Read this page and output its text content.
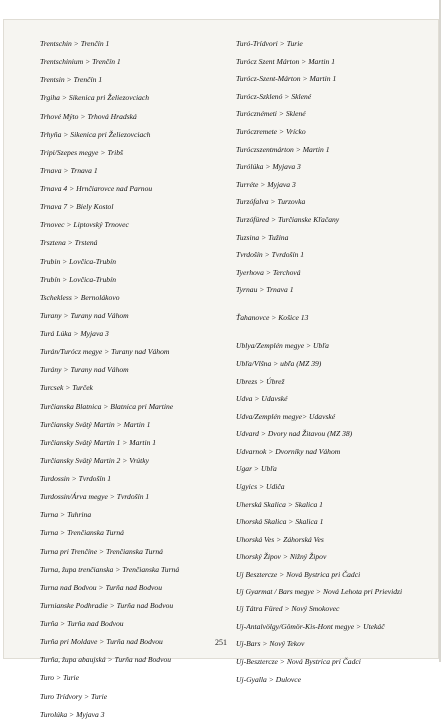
Trentschin > Trenčín 1
Trentschinium > Trenčín 1
Trentsin > Trenčín 1
Trgiha > Sikenica pri Želiezovciach
Trhové Mýto > Trhová Hradská
Trhyňa > Sikenica pri Želiezovciach
Tripi/Szepes megye > Tribš
Trnava > Trnava 1
Trnava 4 > Hrnčiarovce nad Parnou
Trnava 7 > Biely Kostol
Trnovec > Liptovský Trnovec
Trsztena > Trstená
Trubin > Lovčica-Trubín
Trubín > Lovčica-Trubín
Tschekless > Bernolákovo
Turany > Turany nad Váhom
Turá Lúka > Myjava 3
Turán/Turócz megye > Turany nad Váhom
Turány > Turany nad Váhom
Turcsek > Turček
Turčianska Blatnica > Blatnica pri Martine
Turčiansky Svätý Martin > Martin 1
Turčiansky Svätý Martin 1 > Martin 1
Turčiansky Svätý Martin 2 > Vrútky
Turdossin > Tvrdošín 1
Turdossin/Árva megye > Tvrdošín 1
Turna > Tuhrina
Turna > Trenčianska Turná
Turna pri Trenčíne > Trenčianska Turná
Turna, župa trenčianska > Trenčianska Turná
Turna nad Bodvou > Turňa nad Bodvou
Turnianske Podhradie > Turňa nad Bodvou
Turňa > Turňa nad Bodvou
Turňa pri Moldave > Turňa nad Bodvou
Turňa, župa abaujská > Turňa nad Bodvou
Turo > Turie
Turo Trídvory > Turie
Turolúka > Myjava 3
Turó-Trídvori > Turie
Turócz Szent Márton > Martin 1
Turócz-Szent-Márton > Martin 1
Turócz-Szklenó > Sklené
Turócznémeti > Sklené
Turóczremete > Vrícko
Turóczszentmárton > Martin 1
Turólúka > Myjava 3
Turréte > Myjava 3
Turzófalva > Turzovka
Turzófüred > Turčianske Kľačany
Tuzsina > Tužina
Tvrdošín > Tvrdošín 1
Tyerhova > Terchová
Tyrnau > Trnava 1
Ťahanovce > Košice 13
Ublya/Zemplén megye > Ubľa
Ubľa/Vlšna > ubľa (MZ 39)
Ubrezs > Úbrež
Udva > Udavské
Udva/Zemplén megye> Udavské
Udvard > Dvory nad Žitavou (MZ 38)
Udvarnok > Dvorníky nad Váhom
Ugar > Ubľa
Ugyics > Udiča
Uherská Skalica > Skalica 1
Uhorská Skalica > Skalica 1
Uhorská Ves > Záhorská Ves
Uhorský Žipov > Nižný Žipov
Uj Beszterczе > Nová Bystrica pri Čadci
Uj Gyarmat / Bars megye > Nová Lehota pri Prievidzi
Uj Tátra Füred > Nový Smokovec
Uj-Antalvölgy/Gömör-Kis-Hont megye > Utekáč
Uj-Bars > Nový Tekov
Uj-Besztercze > Nová Bystrica pri Čadci
Uj-Gyalla > Dulovce
251
